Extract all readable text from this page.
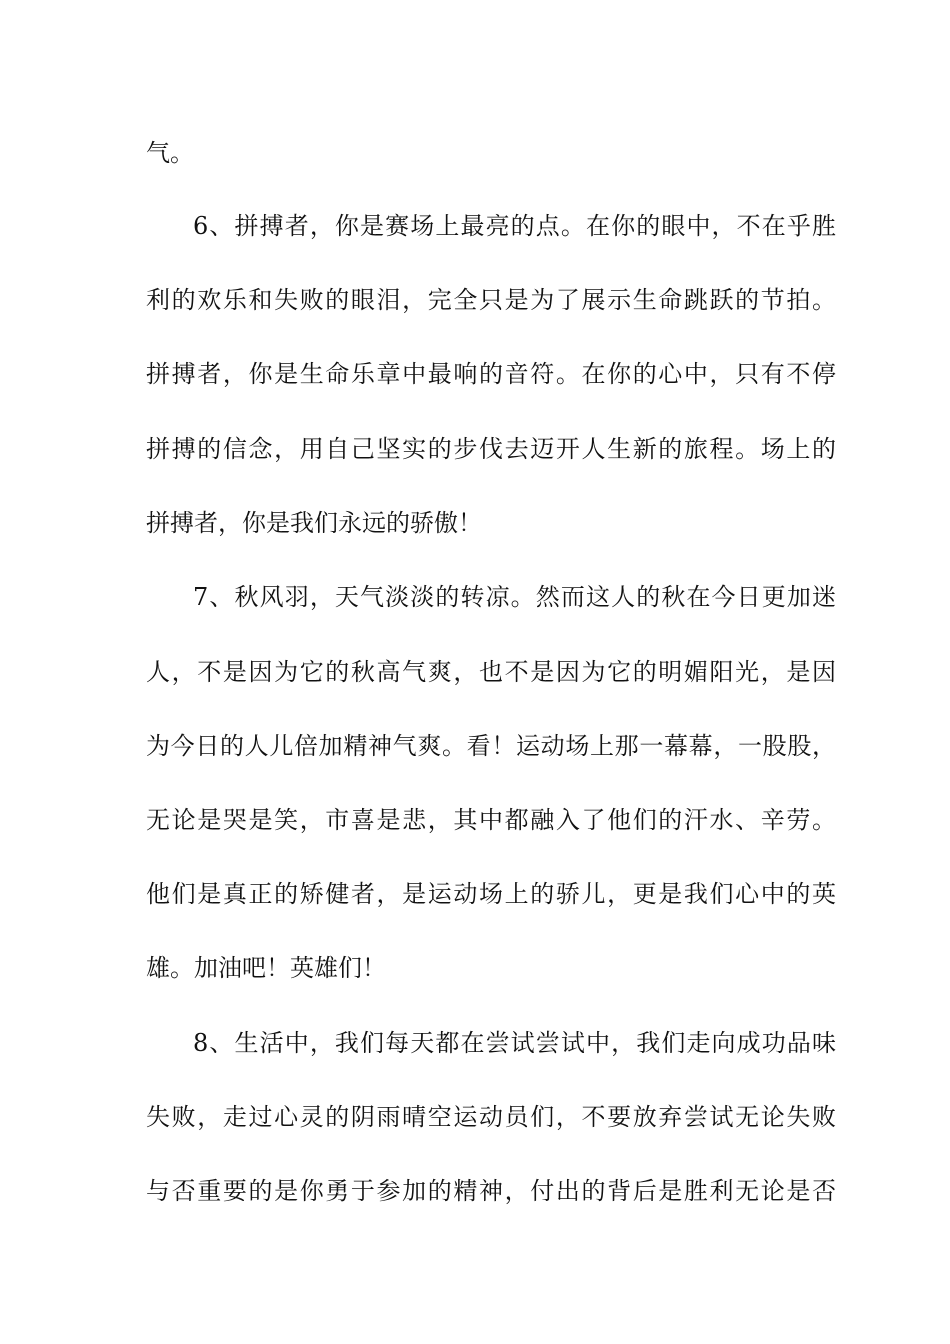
气。

6、拼搏者，你是赛场上最亮的点。在你的眼中，不在乎胜

利的欢乐和失败的眼泪，完全只是为了展示生命跳跃的节拍。

拼搏者，你是生命乐章中最响的音符。在你的心中，只有不停

拼搏的信念，用自己坚实的步伐去迈开人生新的旅程。场上的

拼搏者，你是我们永远的骄傲！

7、秋风羽，天气淡淡的转凉。然而这人的秋在今日更加迷

人，不是因为它的秋高气爽，也不是因为它的明媚阳光，是因

为今日的人儿倍加精神气爽。看！运动场上那一幕幕，一股股，

无论是哭是笑，市喜是悲，其中都融入了他们的汗水、辛劳。

他们是真正的矫健者，是运动场上的骄儿，更是我们心中的英

雄。加油吧！英雄们！

8、生活中，我们每天都在尝试尝试中，我们走向成功品味

失败，走过心灵的阴雨晴空运动员们，不要放弃尝试无论失败

与否重要的是你勇于参加的精神，付出的背后是胜利无论是否
